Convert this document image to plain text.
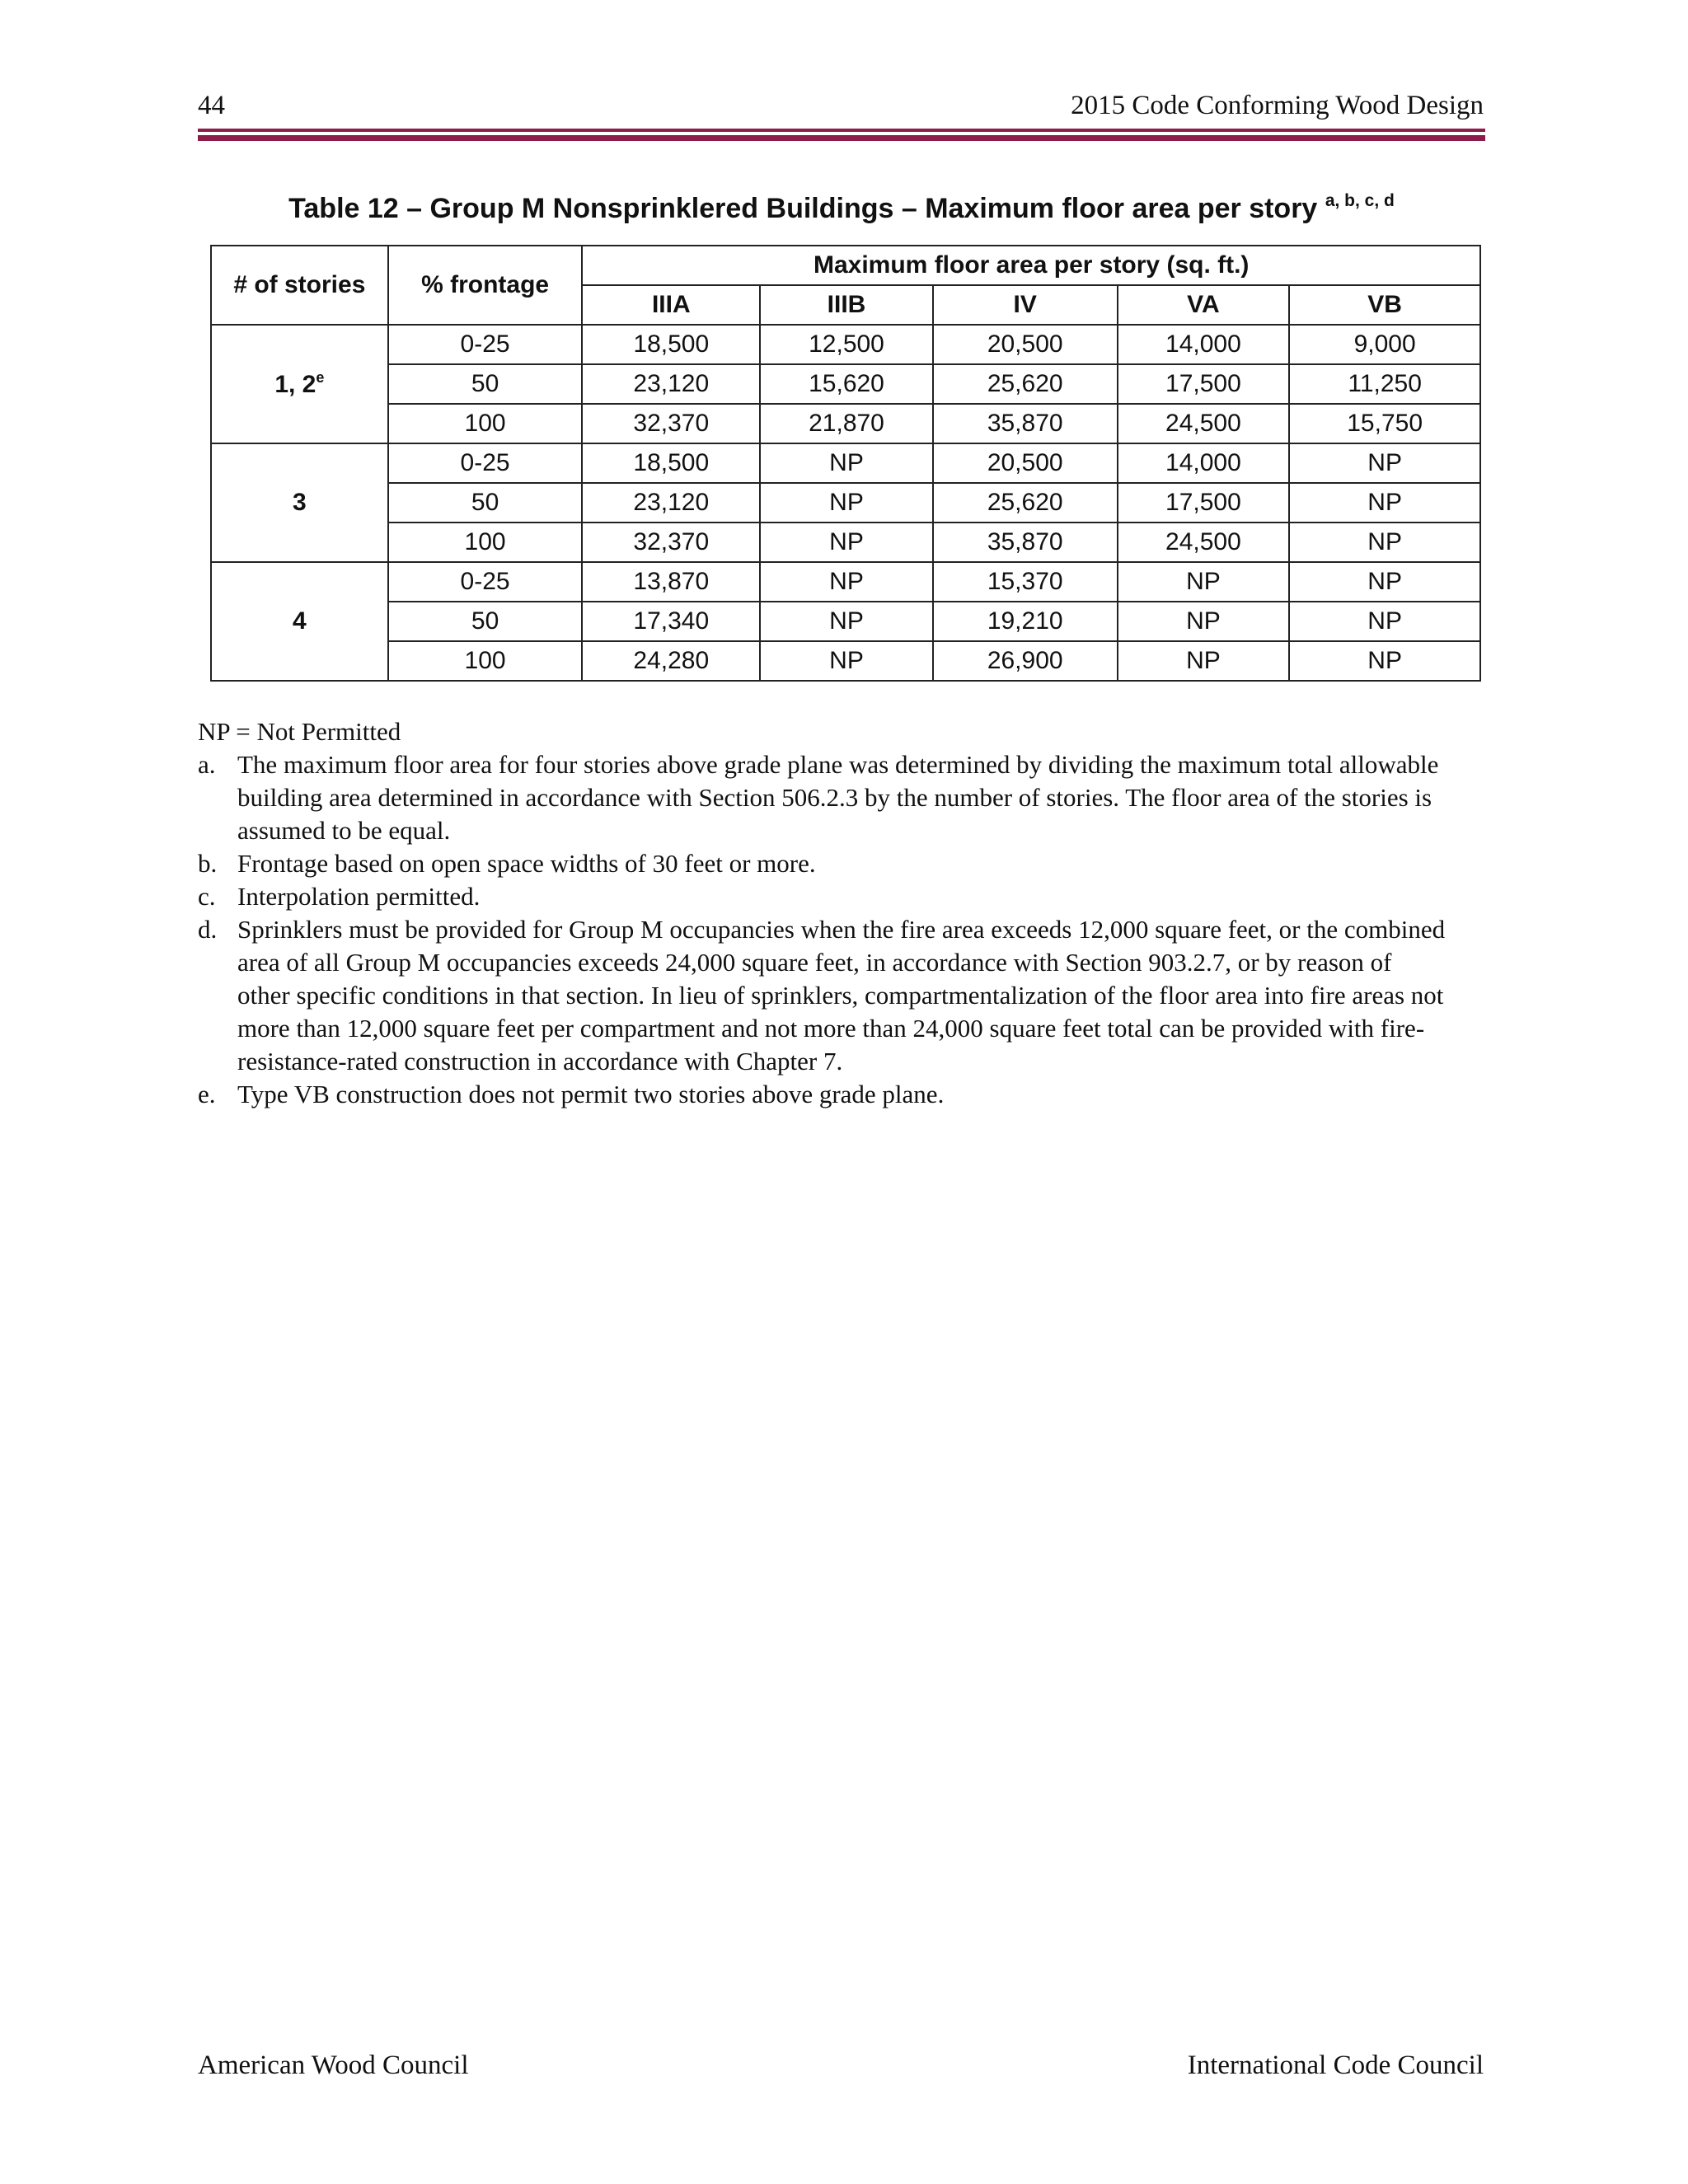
44	2015 Code Conforming Wood Design
Table 12 – Group M Nonsprinklered Buildings – Maximum floor area per story $^{a, b, c, d}$
# of stories	% frontage	Maximum floor area per story (sq. ft.)				
		IIIA	IIIB	IV	VA	VB
1, 2e	0-25	18,500	12,500	20,500	14,000	9,000
	50	23,120	15,620	25,620	17,500	11,250
	100	32,370	21,870	35,870	24,500	15,750
3	0-25	18,500	NP	20,500	14,000	NP
	50	23,120	NP	25,620	17,500	NP
	100	32,370	NP	35,870	24,500	NP
4	0-25	13,870	NP	15,370	NP	NP
	50	17,340	NP	19,210	NP	NP
	100	24,280	NP	26,900	NP	NP

NP = Not Permitted

a. The maximum floor area for four stories above grade plane was determined by dividing the maximum total allowable building area determined in accordance with Section 506.2.3 by the number of stories. The floor area of the stories is assumed to be equal.
b. Frontage based on open space widths of 30 feet or more.
c. Interpolation permitted.
d. Sprinklers must be provided for Group M occupancies when the fire area exceeds 12,000 square feet, or the combined area of all Group M occupancies exceeds 24,000 square feet, in accordance with Section 903.2.7, or by reason of other specific conditions in that section. In lieu of sprinklers, compartmentalization of the floor area into fire areas not more than 12,000 square feet per compartment and not more than 24,000 square feet total can be provided with fire-resistance-rated construction in accordance with Chapter 7.
e. Type VB construction does not permit two stories above grade plane.
American Wood Council	International Code Council
